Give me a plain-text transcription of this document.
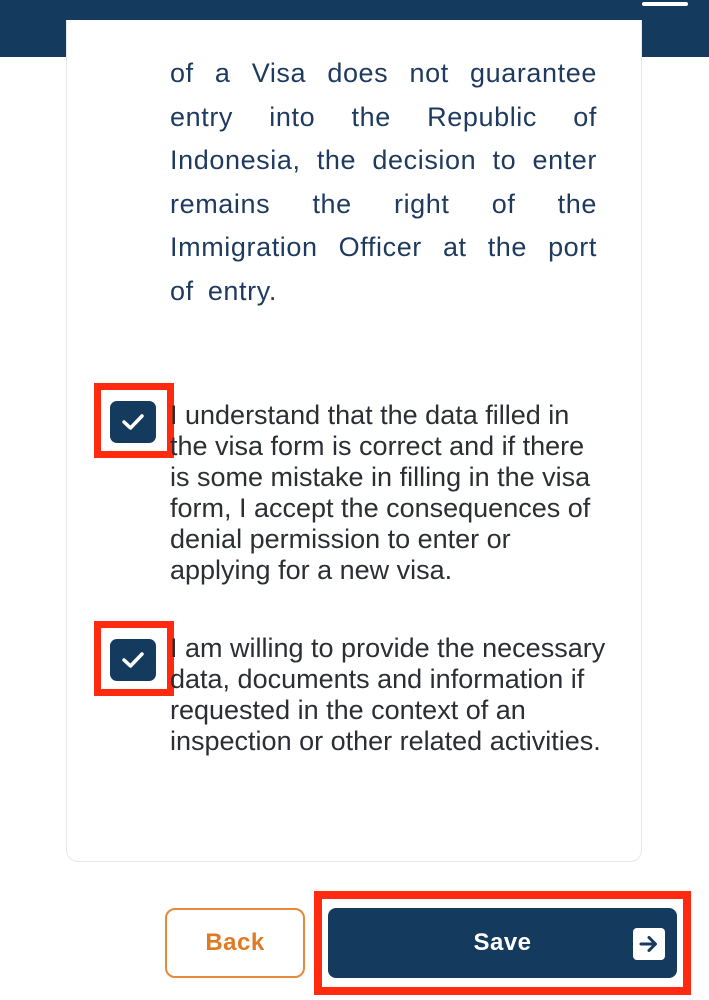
of a Visa does not guarantee entry into the Republic of Indonesia, the decision to enter remains the right of the Immigration Officer at the port of entry.

I understand that the data filled in the visa form is correct and if there is some mistake in filling in the visa form, I accept the consequences of denial permission to enter or applying for a new visa.

I am willing to provide the necessary data, documents and information if requested in the context of an inspection or other related activities.

Back	Save
